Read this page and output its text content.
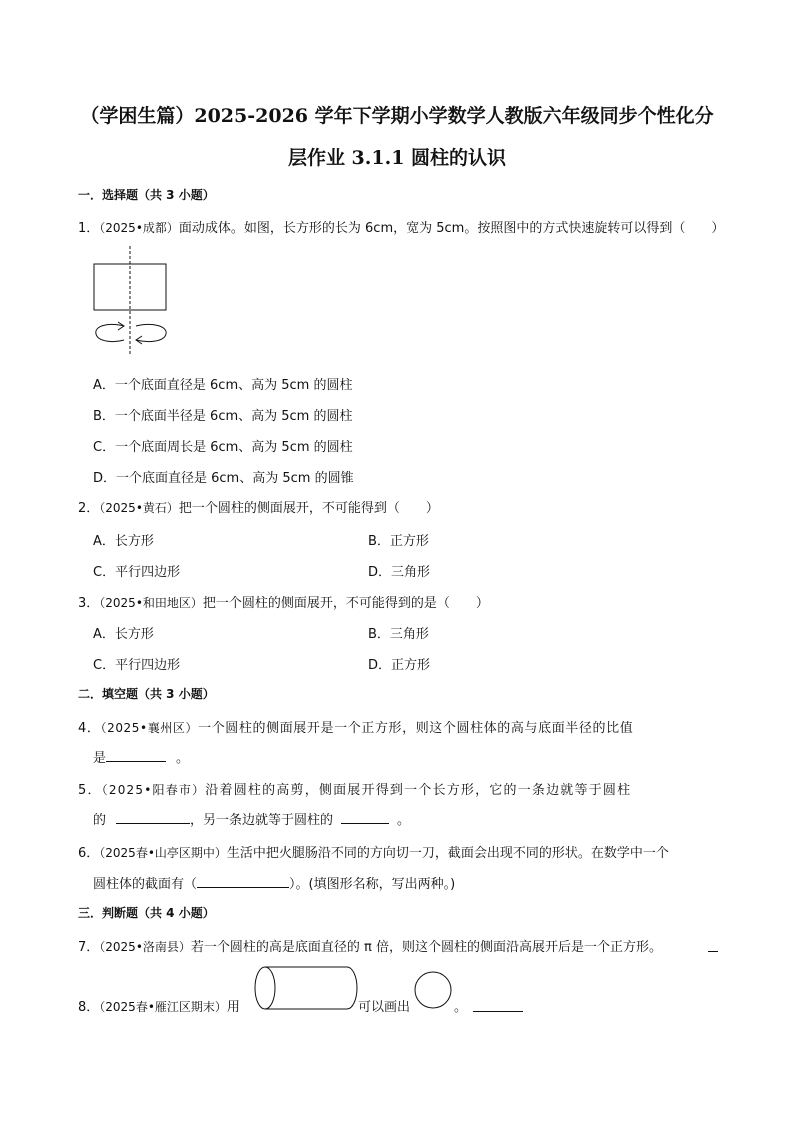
（学困生篇）2025-2026 学年下学期小学数学人教版六年级同步个性化分
层作业 3.1.1 圆柱的认识
一．选择题（共 3 小题）
1．（2025•成都）面动成体。如图，长方形的长为 6cm，宽为 5cm。按照图中的方式快速旋转可以得到（　　）
A．一个底面直径是 6cm、高为 5cm 的圆柱
B．一个底面半径是 6cm、高为 5cm 的圆柱
C．一个底面周长是 6cm、高为 5cm 的圆柱
D．一个底面直径是 6cm、高为 5cm 的圆锥
2．（2025•黄石）把一个圆柱的侧面展开，不可能得到（　　）
A．长方形	B．正方形
C．平行四边形	D．三角形
3．（2025•和田地区）把一个圆柱的侧面展开，不可能得到的是（　　）
A．长方形	B．三角形
C．平行四边形	D．正方形
二．填空题（共 3 小题）
4．（2025•襄州区）一个圆柱的侧面展开是一个正方形，则这个圆柱体的高与底面半径的比值
是	。
5．（2025•阳春市）沿着圆柱的高剪，侧面展开得到一个长方形，它的一条边就等于圆柱
的	，另一条边就等于圆柱的	。
6．（2025春•山亭区期中）生活中把火腿肠沿不同的方向切一刀，截面会出现不同的形状。在数学中一个
圆柱体的截面有（	）。(填图形名称，写出两种。)
三．判断题（共 4 小题）
7．（2025•洛南县）若一个圆柱的高是底面直径的 π 倍，则这个圆柱的侧面沿高展开后是一个正方形。
8．（2025春•雁江区期末）用	可以画出	。
